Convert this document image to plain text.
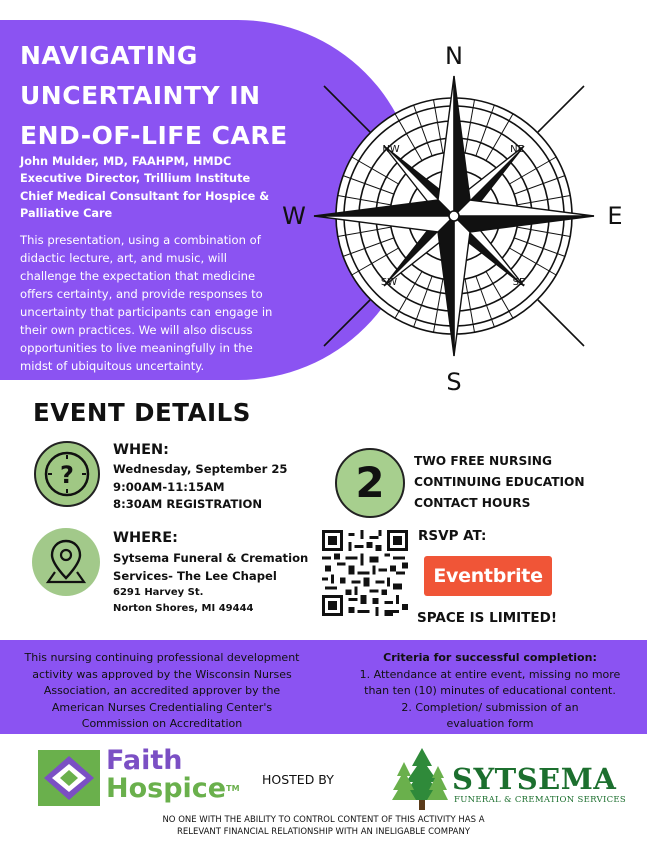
NAVIGATING
UNCERTAINTY IN
END-OF-LIFE CARE
John Mulder, MD, FAAHPM, HMDC
Executive Director, Trillium Institute
Chief Medical Consultant for Hospice &
Palliative Care
This presentation, using a combination of
didactic lecture, art, and music, will
challenge the expectation that medicine
offers certainty, and provide responses to
uncertainty that participants can engage in
their own practices. We will also discuss
opportunities to live meaningfully in the
midst of ubiquitous uncertainty.
N
S
E
W
NE
NW
SE
SW
EVENT DETAILS
?
WHEN:
Wednesday, September 25
9:00AM-11:15AM
8:30AM REGISTRATION
WHERE:
Sytsema Funeral & Cremation
Services- The Lee Chapel
6291 Harvey St.
Norton Shores, MI 49444
2 TWO FREE NURSING
CONTINUING EDUCATION
CONTACT HOURS
RSVP AT:
Eventbrite
SPACE IS LIMITED!
This nursing continuing professional development
activity was approved by the Wisconsin Nurses
Association, an accredited approver by the
American Nurses Credentialing Center's
Commission on Accreditation
Criteria for successful completion:
1. Attendance at entire event, missing no more
than ten (10) minutes of educational content.
2. Completion/ submission of an
evaluation form
Faith
Hospice™
HOSTED BY	SYTSEMA
FUNERAL & CREMATION SERVICES
NO ONE WITH THE ABILITY TO CONTROL CONTENT OF THIS ACTIVITY HAS A
RELEVANT FINANCIAL RELATIONSHIP WITH AN INELIGABLE COMPANY
